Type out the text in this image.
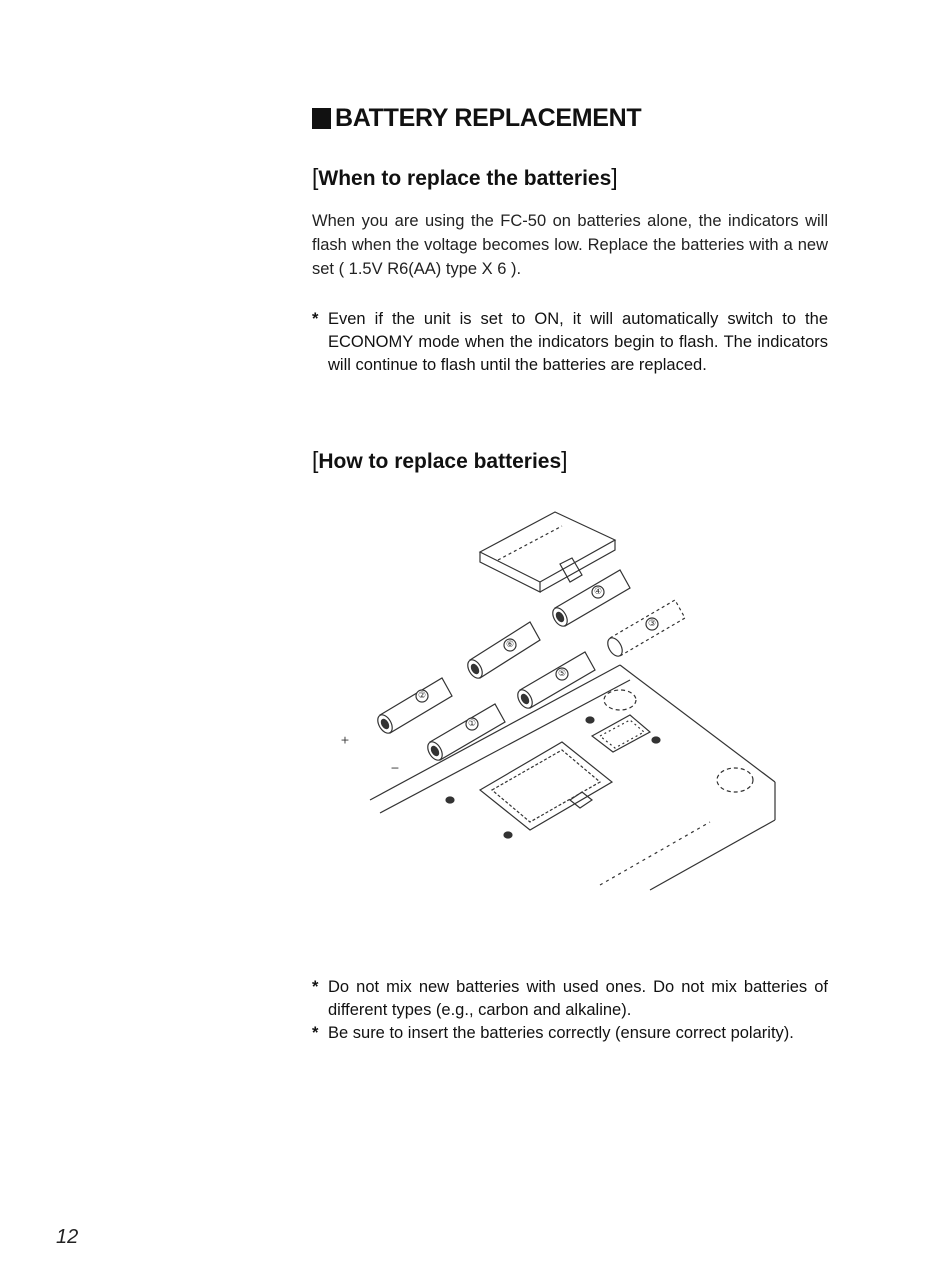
BATTERY REPLACEMENT
[When to replace the batteries]
When you are using the FC-50 on batteries alone, the indicators will flash when the voltage becomes low. Replace the batteries with a new set ( 1.5V R6(AA) type X 6 ).
* Even if the unit is set to ON, it will automatically switch to the ECONOMY mode when the indicators begin to flash. The indicators will continue to flash until the batteries are replaced.
[How to replace batteries]
⑥
②
④
③
⑤
①
+
−
* Do not mix new batteries with used ones. Do not mix batteries of different types (e.g., carbon and alkaline).
* Be sure to insert the batteries correctly (ensure correct polarity).
12
